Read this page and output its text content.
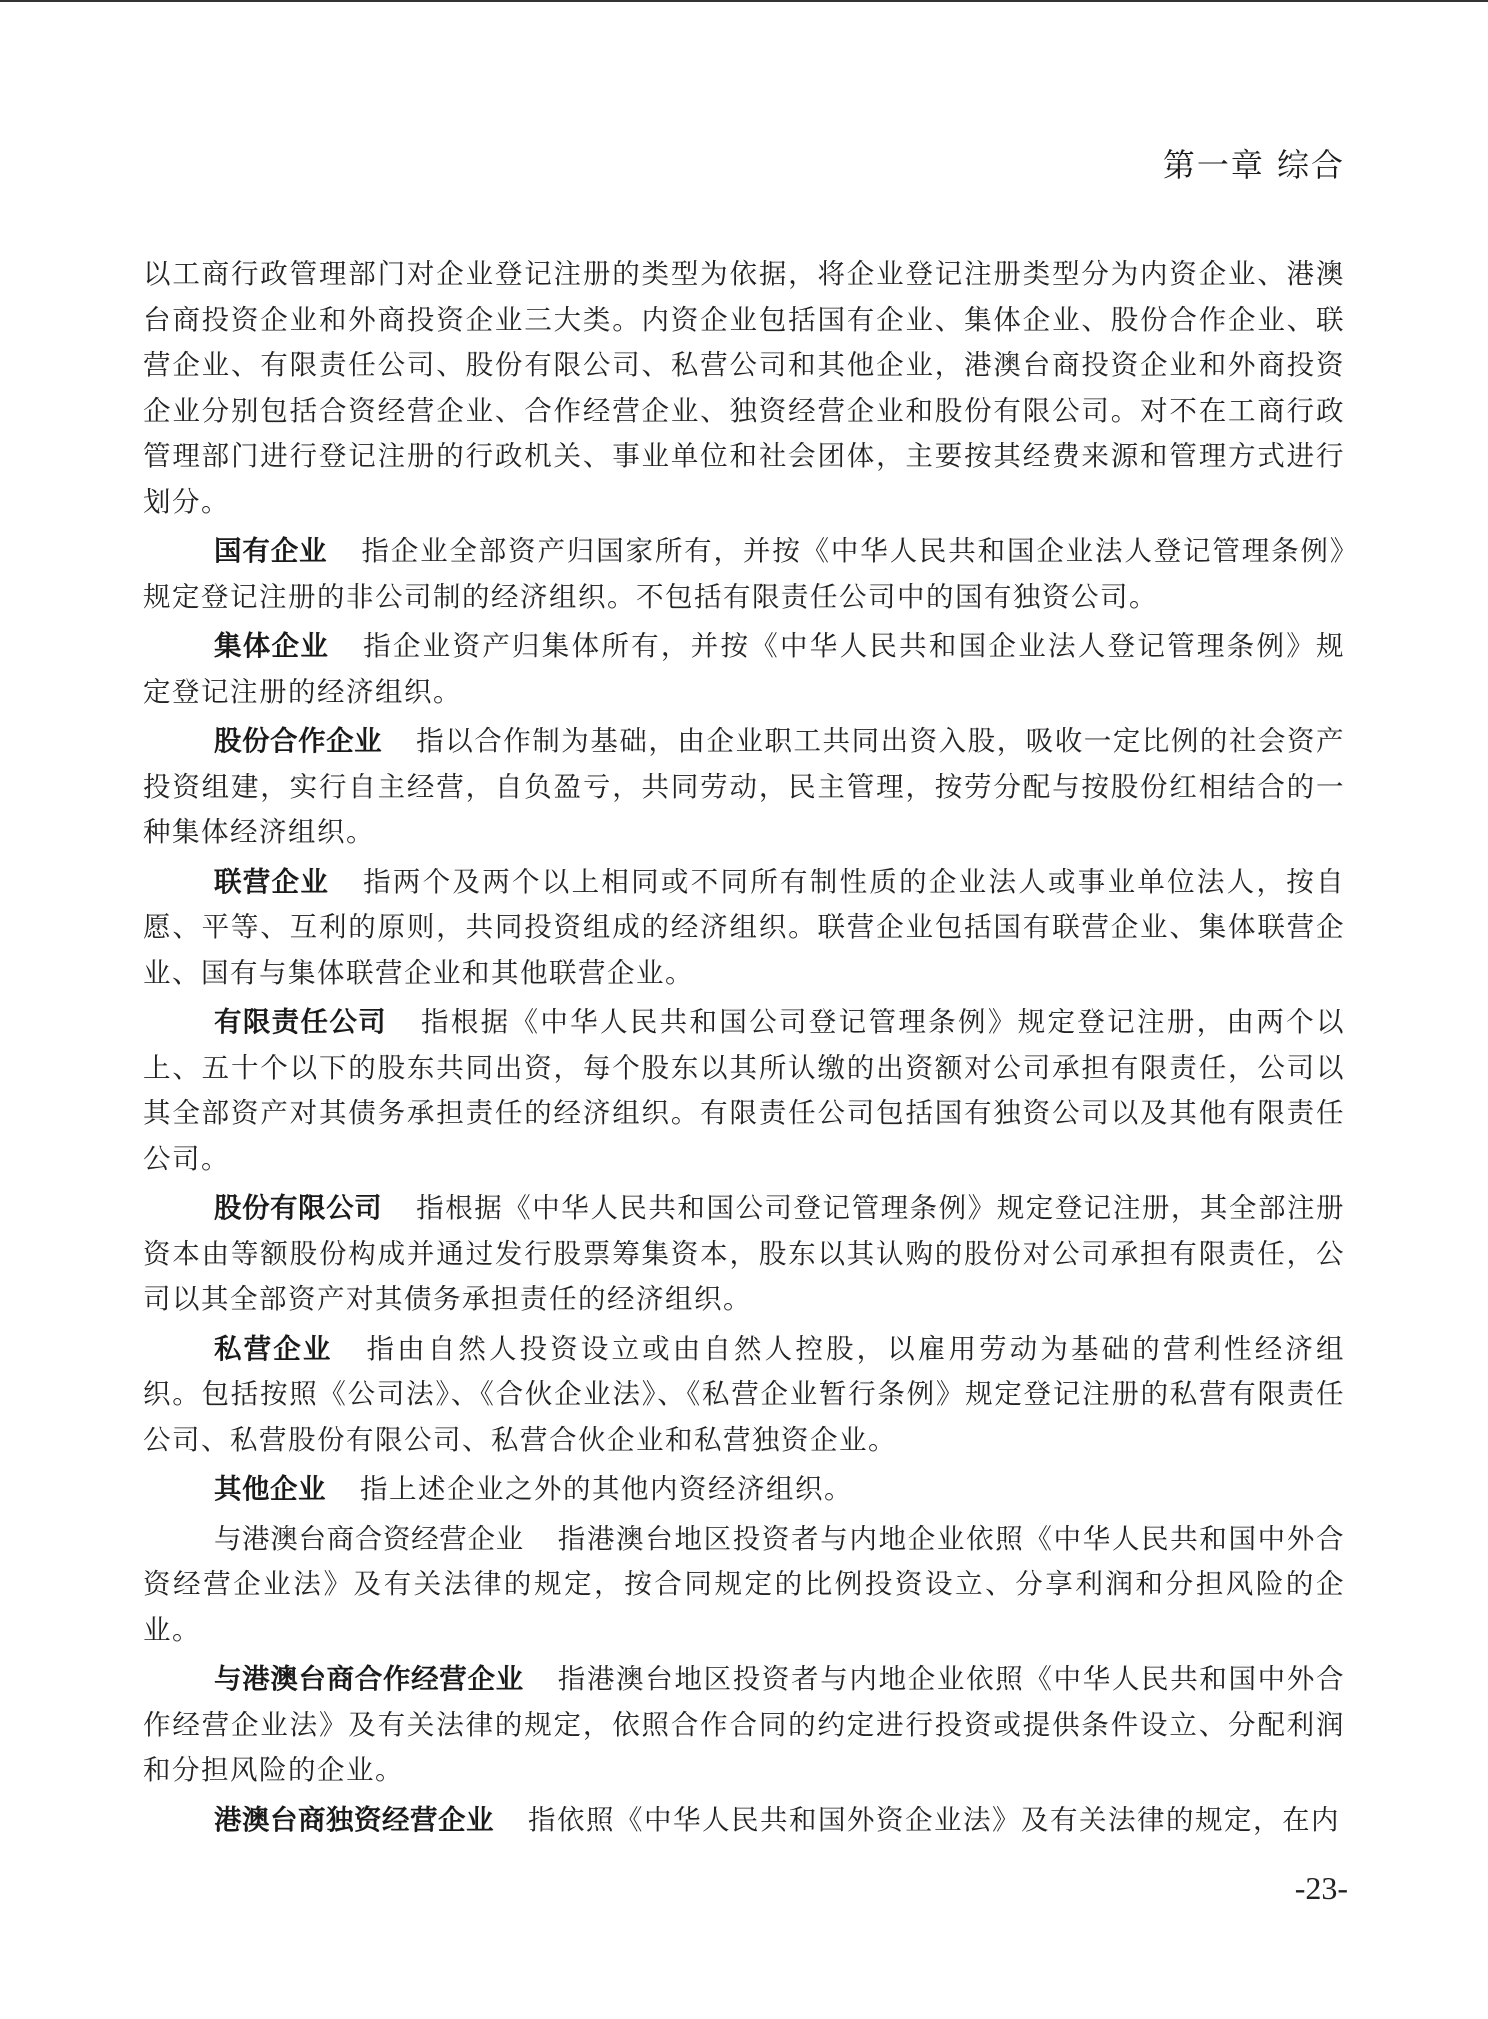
第一章 综合

以工商行政管理部门对企业登记注册的类型为依据，将企业登记注册类型分为内资企业、港澳台商投资企业和外商投资企业三大类。内资企业包括国有企业、集体企业、股份合作企业、联营企业、有限责任公司、股份有限公司、私营公司和其他企业，港澳台商投资企业和外商投资企业分别包括合资经营企业、合作经营企业、独资经营企业和股份有限公司。对不在工商行政管理部门进行登记注册的行政机关、事业单位和社会团体，主要按其经费来源和管理方式进行划分。

国有企业 指企业全部资产归国家所有，并按《中华人民共和国企业法人登记管理条例》规定登记注册的非公司制的经济组织。不包括有限责任公司中的国有独资公司。

集体企业 指企业资产归集体所有，并按《中华人民共和国企业法人登记管理条例》规定登记注册的经济组织。

股份合作企业 指以合作制为基础，由企业职工共同出资入股，吸收一定比例的社会资产投资组建，实行自主经营，自负盈亏，共同劳动，民主管理，按劳分配与按股份红相结合的一种集体经济组织。

联营企业 指两个及两个以上相同或不同所有制性质的企业法人或事业单位法人，按自愿、平等、互利的原则，共同投资组成的经济组织。联营企业包括国有联营企业、集体联营企业、国有与集体联营企业和其他联营企业。

有限责任公司 指根据《中华人民共和国公司登记管理条例》规定登记注册，由两个以上、五十个以下的股东共同出资，每个股东以其所认缴的出资额对公司承担有限责任，公司以其全部资产对其债务承担责任的经济组织。有限责任公司包括国有独资公司以及其他有限责任公司。

股份有限公司 指根据《中华人民共和国公司登记管理条例》规定登记注册，其全部注册资本由等额股份构成并通过发行股票筹集资本，股东以其认购的股份对公司承担有限责任，公司以其全部资产对其债务承担责任的经济组织。

私营企业 指由自然人投资设立或由自然人控股，以雇用劳动为基础的营利性经济组织。包括按照《公司法》、《合伙企业法》、《私营企业暂行条例》规定登记注册的私营有限责任公司、私营股份有限公司、私营合伙企业和私营独资企业。

其他企业 指上述企业之外的其他内资经济组织。

与港澳台商合资经营企业 指港澳台地区投资者与内地企业依照《中华人民共和国中外合资经营企业法》及有关法律的规定，按合同规定的比例投资设立、分享利润和分担风险的企业。

与港澳台商合作经营企业 指港澳台地区投资者与内地企业依照《中华人民共和国中外合作经营企业法》及有关法律的规定，依照合作合同的约定进行投资或提供条件设立、分配利润和分担风险的企业。

港澳台商独资经营企业 指依照《中华人民共和国外资企业法》及有关法律的规定，在内

-23-
